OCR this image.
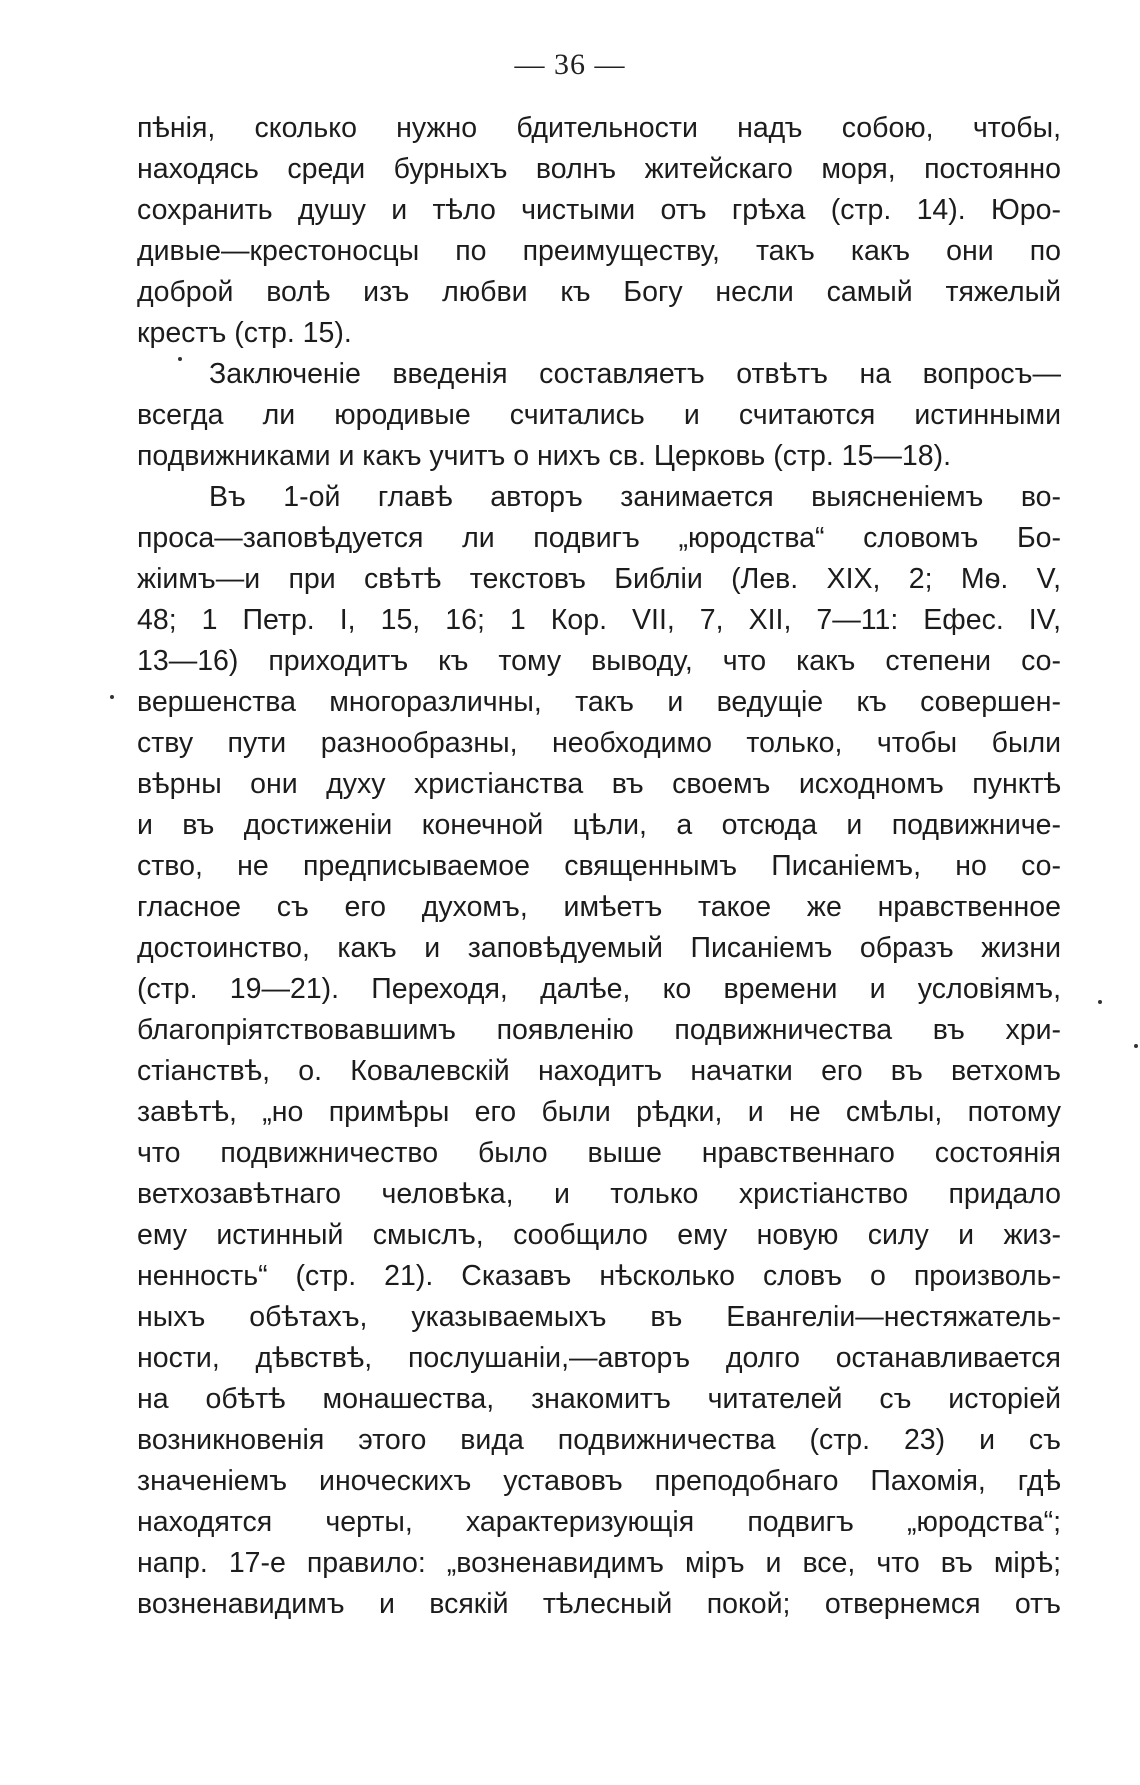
— 36 —
пѣнія, сколько нужно бдительности надъ собою, чтобы,
находясь среди бурныхъ волнъ житейскаго моря, постоянно
сохранить душу и тѣло чистыми отъ грѣха (стр. 14). Юро-
дивые—крестоносцы по преимуществу, такъ какъ они по
доброй волѣ изъ любви къ Богу несли самый тяжелый
крестъ (стр. 15).
Заключеніе введенія составляетъ отвѣтъ на вопросъ—
всегда ли юродивые считались и считаются истинными
подвижниками и какъ учитъ о нихъ св. Церковь (стр. 15—18).
Въ 1-ой главѣ авторъ занимается выясненіемъ во-
проса—заповѣдуется ли подвигъ „юродства“ словомъ Бо-
жіимъ—и при свѣтѣ текстовъ Библіи (Лев. XIX, 2; Мѳ. V,
48; 1 Петр. I, 15, 16; 1 Кор. VII, 7, XII, 7—11: Ефес. IV,
13—16) приходитъ къ тому выводу, что какъ степени со-
вершенства многоразличны, такъ и ведущіе къ совершен-
ству пути разнообразны, необходимо только, чтобы были
вѣрны они духу христіанства въ своемъ исходномъ пунктѣ
и въ достиженіи конечной цѣли, а отсюда и подвижниче-
ство, не предписываемое священнымъ Писаніемъ, но со-
гласное съ его духомъ, имѣетъ такое же нравственное
достоинство, какъ и заповѣдуемый Писаніемъ образъ жизни
(стр. 19—21). Переходя, далѣе, ко времени и условіямъ,
благопріятствовавшимъ появленію подвижничества въ хри-
стіанствѣ, о. Ковалевскій находитъ начатки его въ ветхомъ
завѣтѣ, „но примѣры его были рѣдки, и не смѣлы, потому
что подвижничество было выше нравственнаго состоянія
ветхозавѣтнаго человѣка, и только христіанство придало
ему истинный смыслъ, сообщило ему новую силу и жиз-
ненность“ (стр. 21). Сказавъ нѣсколько словъ о произволь-
ныхъ обѣтахъ, указываемыхъ въ Евангеліи—нестяжатель-
ности, дѣвствѣ, послушаніи,—авторъ долго останавливается
на обѣтѣ монашества, знакомитъ читателей съ исторіей
возникновенія этого вида подвижничества (стр. 23) и съ
значеніемъ иноческихъ уставовъ преподобнаго Пахомія, гдѣ
находятся черты, характеризующія подвигъ „юродства“;
напр. 17-е правило: „возненавидимъ міръ и все, что въ мірѣ;
возненавидимъ и всякій тѣлесный покой; отвернемся отъ
